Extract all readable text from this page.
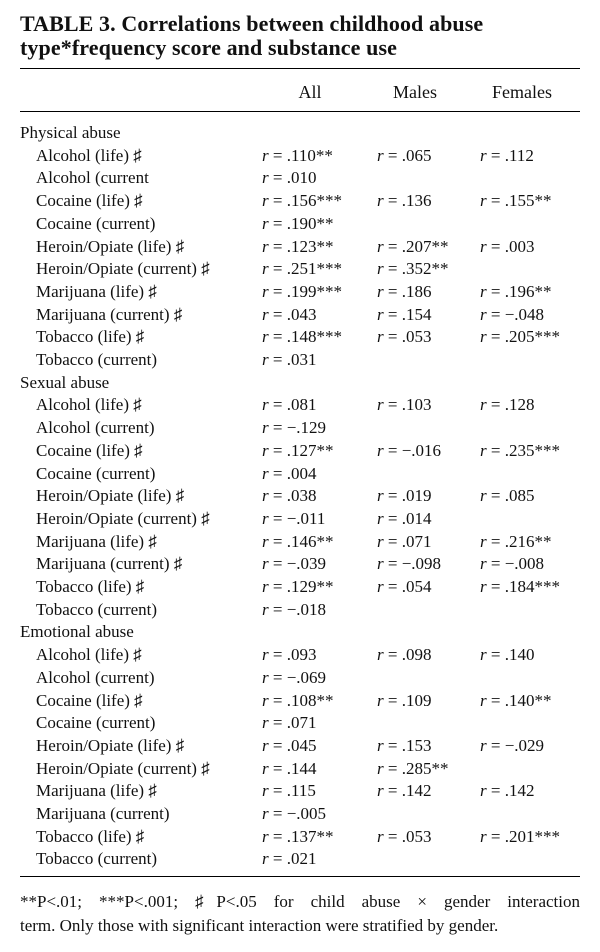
TABLE 3. Correlations between childhood abuse
type*frequency score and substance use
All	Males	Females
Physical abuse
Alcohol (life) ♯	r = .110**	r = .065	r = .112
Alcohol (current	r = .010
Cocaine (life) ♯	r = .156*** r = .136	r = .155**
Cocaine (current)	r = .190**
Heroin/Opiate (life) ♯	r = .123**	r = .207** r = .003
Heroin/Opiate (current) ♯	r = .251*** r = .352**
Marijuana (life) ♯	r = .199*** r = .186	r = .196**
Marijuana (current) ♯	r = .043	r = .154	r = −.048
Tobacco (life) ♯	r = .148*** r = .053	r = .205***
Tobacco (current)	r = .031
Sexual abuse
Alcohol (life) ♯	r = .081	r = .103	r = .128
Alcohol (current)	r = −.129
Cocaine (life) ♯	r = .127**	r = −.016 r = .235***
Cocaine (current)	r = .004
Heroin/Opiate (life) ♯	r = .038	r = .019	r = .085
Heroin/Opiate (current) ♯	r = −.011	r = .014
Marijuana (life) ♯	r = .146**	r = .071	r = .216**
Marijuana (current) ♯	r = −.039	r = −.098 r = −.008
Tobacco (life) ♯	r = .129**	r = .054	r = .184***
Tobacco (current)	r = −.018
Emotional abuse
Alcohol (life) ♯	r = .093	r = .098	r = .140
Alcohol (current)	r = −.069
Cocaine (life) ♯	r = .108**	r = .109	r = .140**
Cocaine (current)	r = .071
Heroin/Opiate (life) ♯	r = .045	r = .153	r = −.029
Heroin/Opiate (current) ♯	r = .144	r = .285**
Marijuana (life) ♯	r = .115	r = .142	r = .142
Marijuana (current)	r = −.005
Tobacco (life) ♯	r = .137**	r = .053	r = .201***
Tobacco (current)	r = .021
**P<.01; ***P<.001; ♯P<.05 for child abuse × gender interaction
term. Only those with significant interaction were stratified by gender.
